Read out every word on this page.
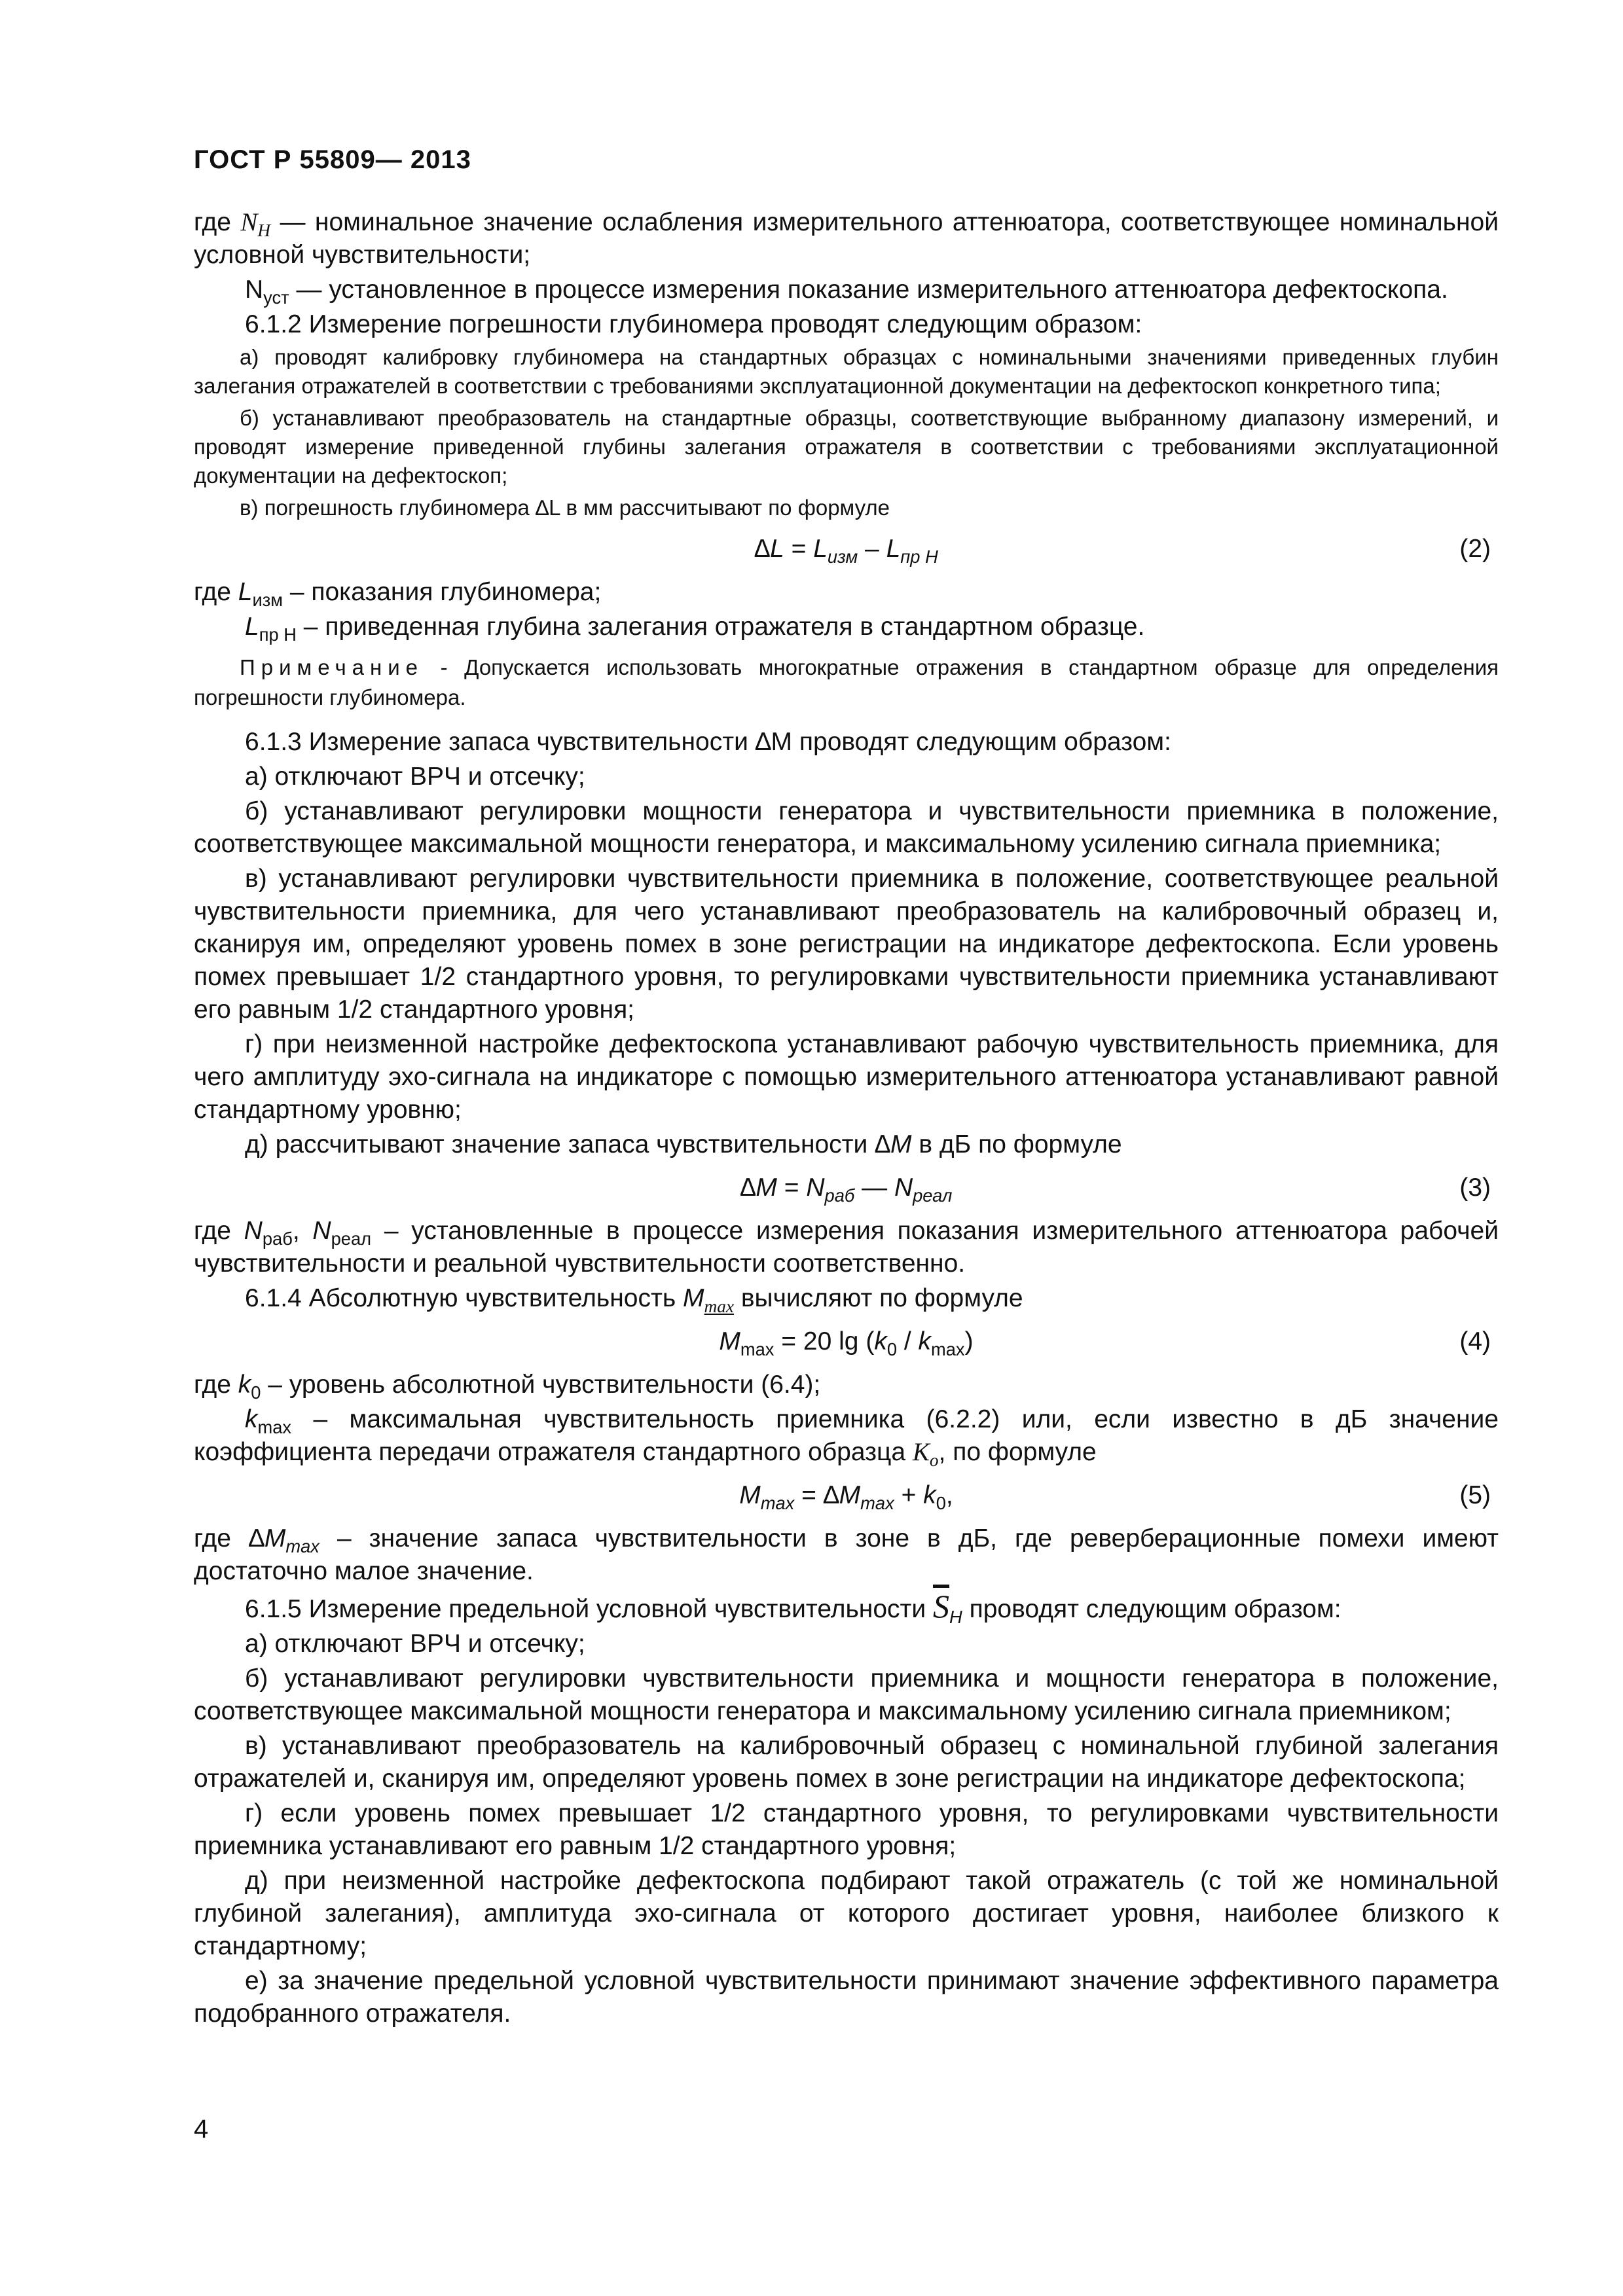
ГОСТ Р 55809— 2013

где $N_H$ — номинальное значение ослабления измерительного аттенюатора, соответствующее номинальной условной чувствительности;

$N_{уст}$ — установленное в процессе измерения показание измерительного аттенюатора дефектоскопа.

6.1.2 Измерение погрешности глубиномера проводят следующим образом:

а) проводят калибровку глубиномера на стандартных образцах с номинальными значениями приведенных глубин залегания отражателей в соответствии с требованиями эксплуатационной документации на дефектоскоп конкретного типа;

б) устанавливают преобразователь на стандартные образцы, соответствующие выбранному диапазону измерений, и проводят измерение приведенной глубины залегания отражателя в соответствии с требованиями эксплуатационной документации на дефектоскоп;

в) погрешность глубиномера ∆L в мм рассчитывают по формуле

$\Delta L = L_{изм} - L_{пр Н}$	(2)

где $L_{изм}$ – показания глубиномера;

$L_{пр Н}$ – приведенная глубина залегания отражателя в стандартном образце.

Примечание - Допускается использовать многократные отражения в стандартном образце для определения погрешности глубиномера.

6.1.3 Измерение запаса чувствительности ∆М проводят следующим образом:

а) отключают ВРЧ и отсечку;

б) устанавливают регулировки мощности генератора и чувствительности приемника в положение, соответствующее максимальной мощности генератора, и максимальному усилению сигнала приемника;

в) устанавливают регулировки чувствительности приемника в положение, соответствующее реальной чувствительности приемника, для чего устанавливают преобразователь на калибровочный образец и, сканируя им, определяют уровень помех в зоне регистрации на индикаторе дефектоскопа. Если уровень помех превышает 1/2 стандартного уровня, то регулировками чувствительности приемника устанавливают его равным 1/2 стандартного уровня;

г) при неизменной настройке дефектоскопа устанавливают рабочую чувствительность приемника, для чего амплитуду эхо-сигнала на индикаторе с помощью измерительного аттенюатора устанавливают равной стандартному уровню;

д) рассчитывают значение запаса чувствительности ∆M в дБ по формуле

$\Delta M = N_{раб}$ — $N_{реал}$	(3)

где $N_{раб}$, $N_{реал}$ – установленные в процессе измерения показания измерительного аттенюатора рабочей чувствительности и реальной чувствительности соответственно.

6.1.4 Абсолютную чувствительность $M_{max}$ вычисляют по формуле

$M_{max} = 20$ $\lg (k_0 / k_{max})$	(4)

где $k_0$ – уровень абсолютной чувствительности (6.4);

$k_{max}$ – максимальная чувствительность приемника (6.2.2) или, если известно в дБ значение коэффициента передачи отражателя стандартного образца $K_o$, по формуле

$M_{max} = \Delta M_{max} + k_0$,	(5)

где $\Delta M_{max}$ – значение запаса чувствительности в зоне в дБ, где реверберационные помехи имеют достаточно малое значение.

6.1.5 Измерение предельной условной чувствительности $\overline{S}_Н$ проводят следующим образом:

а) отключают ВРЧ и отсечку;

б) устанавливают регулировки чувствительности приемника и мощности генератора в положение, соответствующее максимальной мощности генератора и максимальному усилению сигнала приемником;

в) устанавливают преобразователь на калибровочный образец с номинальной глубиной залегания отражателей и, сканируя им, определяют уровень помех в зоне регистрации на индикаторе дефектоскопа;

г) если уровень помех превышает 1/2 стандартного уровня, то регулировками чувствительности приемника устанавливают его равным 1/2 стандартного уровня;

д) при неизменной настройке дефектоскопа подбирают такой отражатель (с той же номинальной глубиной залегания), амплитуда эхо-сигнала от которого достигает уровня, наиболее близкого к стандартному;

е) за значение предельной условной чувствительности принимают значение эффективного параметра подобранного отражателя.

4
